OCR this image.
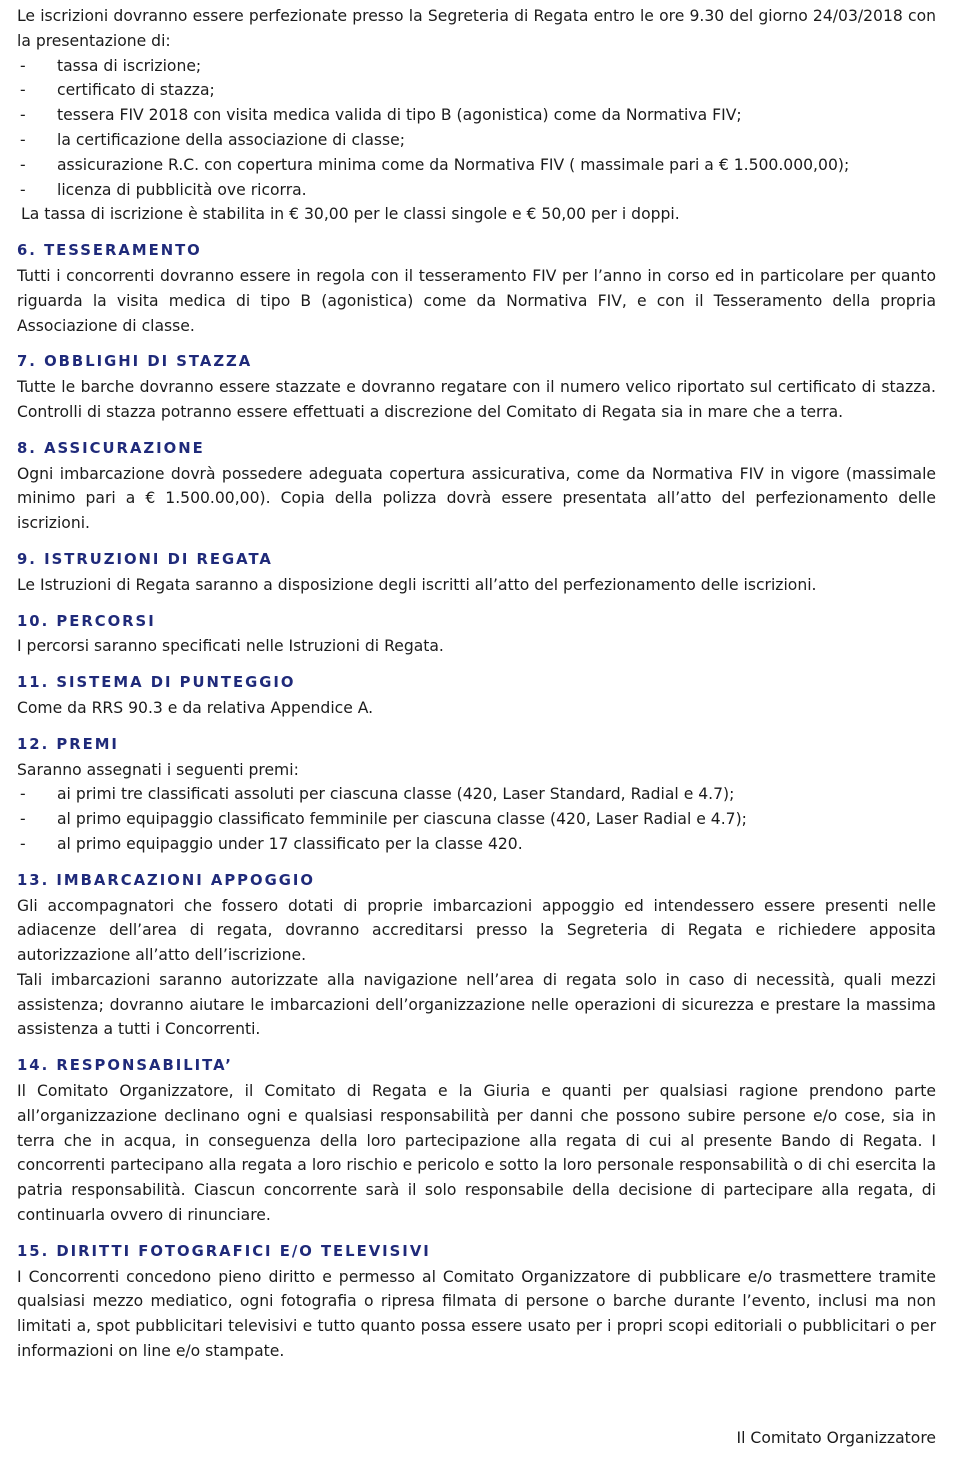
Le iscrizioni dovranno essere perfezionate presso la Segreteria di Regata entro le ore 9.30 del giorno 24/03/2018 con la presentazione di:

- tassa di iscrizione;
- certificato di stazza;
- tessera FIV 2018 con visita medica valida di tipo B (agonistica) come da Normativa FIV;
- la certificazione della associazione di classe;
- assicurazione R.C. con copertura minima come da Normativa FIV ( massimale pari a € 1.500.000,00);
- licenza di pubblicità ove ricorra.

La tassa di iscrizione è stabilita in € 30,00 per le classi singole e € 50,00 per i doppi.

6. TESSERAMENTO

Tutti i concorrenti dovranno essere in regola con il tesseramento FIV per l’anno in corso ed in particolare per quanto riguarda la visita medica di tipo B (agonistica) come da Normativa FIV, e con il Tesseramento della propria Associazione di classe.

7. OBBLIGHI DI STAZZA

Tutte le barche dovranno essere stazzate e dovranno regatare con il numero velico riportato sul certificato di stazza. Controlli di stazza potranno essere effettuati a discrezione del Comitato di Regata sia in mare che a terra.

8. ASSICURAZIONE

Ogni imbarcazione dovrà possedere adeguata copertura assicurativa, come da Normativa FIV in vigore (massimale minimo pari a € 1.500.00,00). Copia della polizza dovrà essere presentata all’atto del perfezionamento delle iscrizioni.

9. ISTRUZIONI DI REGATA

Le Istruzioni di Regata saranno a disposizione degli iscritti all’atto del perfezionamento delle iscrizioni.

10. PERCORSI

I percorsi saranno specificati nelle Istruzioni di Regata.

11. SISTEMA DI PUNTEGGIO

Come da RRS 90.3 e da relativa Appendice A.

12. PREMI

Saranno assegnati i seguenti premi:

- ai primi tre classificati assoluti per ciascuna classe (420, Laser Standard, Radial e 4.7);
- al primo equipaggio classificato femminile per ciascuna classe (420, Laser Radial e 4.7);
- al primo equipaggio under 17 classificato per la classe 420.
13. IMBARCAZIONI APPOGGIO

Gli accompagnatori che fossero dotati di proprie imbarcazioni appoggio ed intendessero essere presenti nelle adiacenze dell’area di regata, dovranno accreditarsi presso la Segreteria di Regata e richiedere apposita autorizzazione all’atto dell’iscrizione.

Tali imbarcazioni saranno autorizzate alla navigazione nell’area di regata solo in caso di necessità, quali mezzi assistenza; dovranno aiutare le imbarcazioni dell’organizzazione nelle operazioni di sicurezza e prestare la massima assistenza a tutti i Concorrenti.

14. RESPONSABILITA’

Il Comitato Organizzatore, il Comitato di Regata e la Giuria e quanti per qualsiasi ragione prendono parte all’organizzazione declinano ogni e qualsiasi responsabilità per danni che possono subire persone e/o cose, sia in terra che in acqua, in conseguenza della loro partecipazione alla regata di cui al presente Bando di Regata. I concorrenti partecipano alla regata a loro rischio e pericolo e sotto la loro personale responsabilità o di chi esercita la patria responsabilità. Ciascun concorrente sarà il solo responsabile della decisione di partecipare alla regata, di continuarla ovvero di rinunciare.

15. DIRITTI FOTOGRAFICI E/O TELEVISIVI

I Concorrenti concedono pieno diritto e permesso al Comitato Organizzatore di pubblicare e/o trasmettere tramite qualsiasi mezzo mediatico, ogni fotografia o ripresa filmata di persone o barche durante l’evento, inclusi ma non limitati a, spot pubblicitari televisivi e tutto quanto possa essere usato per i propri scopi editoriali o pubblicitari o per informazioni on line e/o stampate.

Il Comitato Organizzatore
